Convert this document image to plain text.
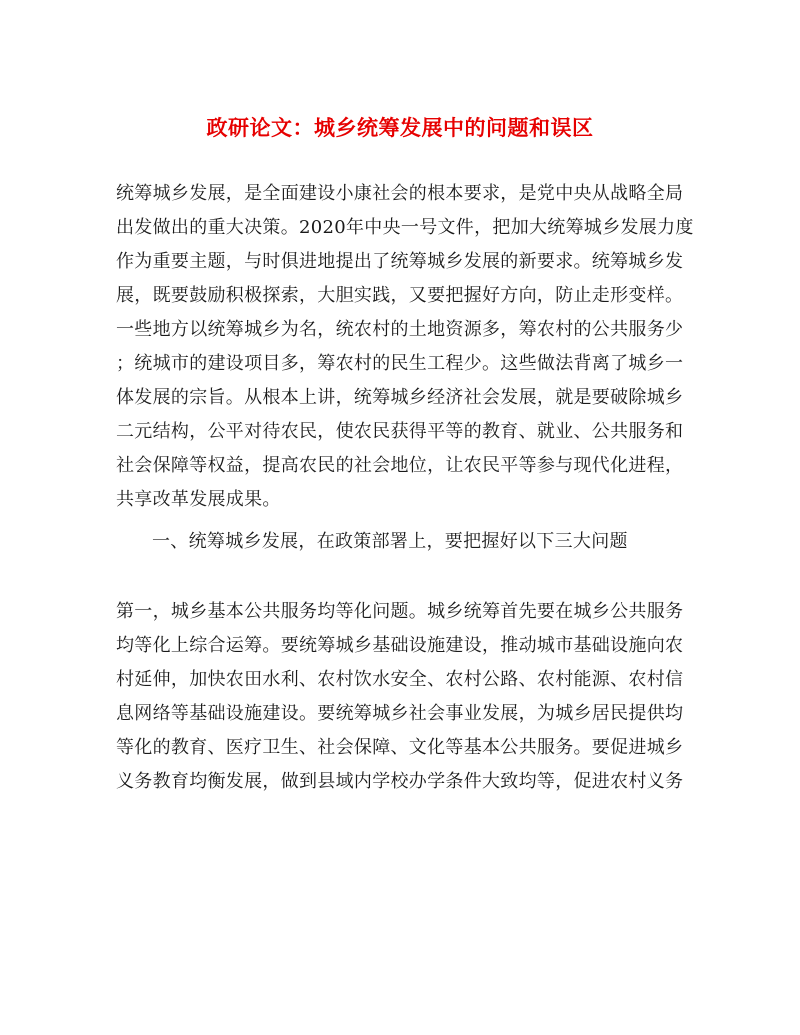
政研论文：城乡统筹发展中的问题和误区

统筹城乡发展，是全面建设小康社会的根本要求，是党中央从战略全局

出发做出的重大决策。2020年中央一号文件，把加大统筹城乡发展力度

作为重要主题，与时俱进地提出了统筹城乡发展的新要求。统筹城乡发

展，既要鼓励积极探索，大胆实践，又要把握好方向，防止走形变样。

一些地方以统筹城乡为名，统农村的土地资源多，筹农村的公共服务少

；统城市的建设项目多，筹农村的民生工程少。这些做法背离了城乡一

体发展的宗旨。从根本上讲，统筹城乡经济社会发展，就是要破除城乡

二元结构，公平对待农民，使农民获得平等的教育、就业、公共服务和

社会保障等权益，提高农民的社会地位，让农民平等参与现代化进程，

共享改革发展成果。

一、统筹城乡发展，在政策部署上，要把握好以下三大问题

第一，城乡基本公共服务均等化问题。城乡统筹首先要在城乡公共服务

均等化上综合运筹。要统筹城乡基础设施建设，推动城市基础设施向农

村延伸，加快农田水利、农村饮水安全、农村公路、农村能源、农村信

息网络等基础设施建设。要统筹城乡社会事业发展，为城乡居民提供均

等化的教育、医疗卫生、社会保障、文化等基本公共服务。要促进城乡

义务教育均衡发展，做到县域内学校办学条件大致均等，促进农村义务
